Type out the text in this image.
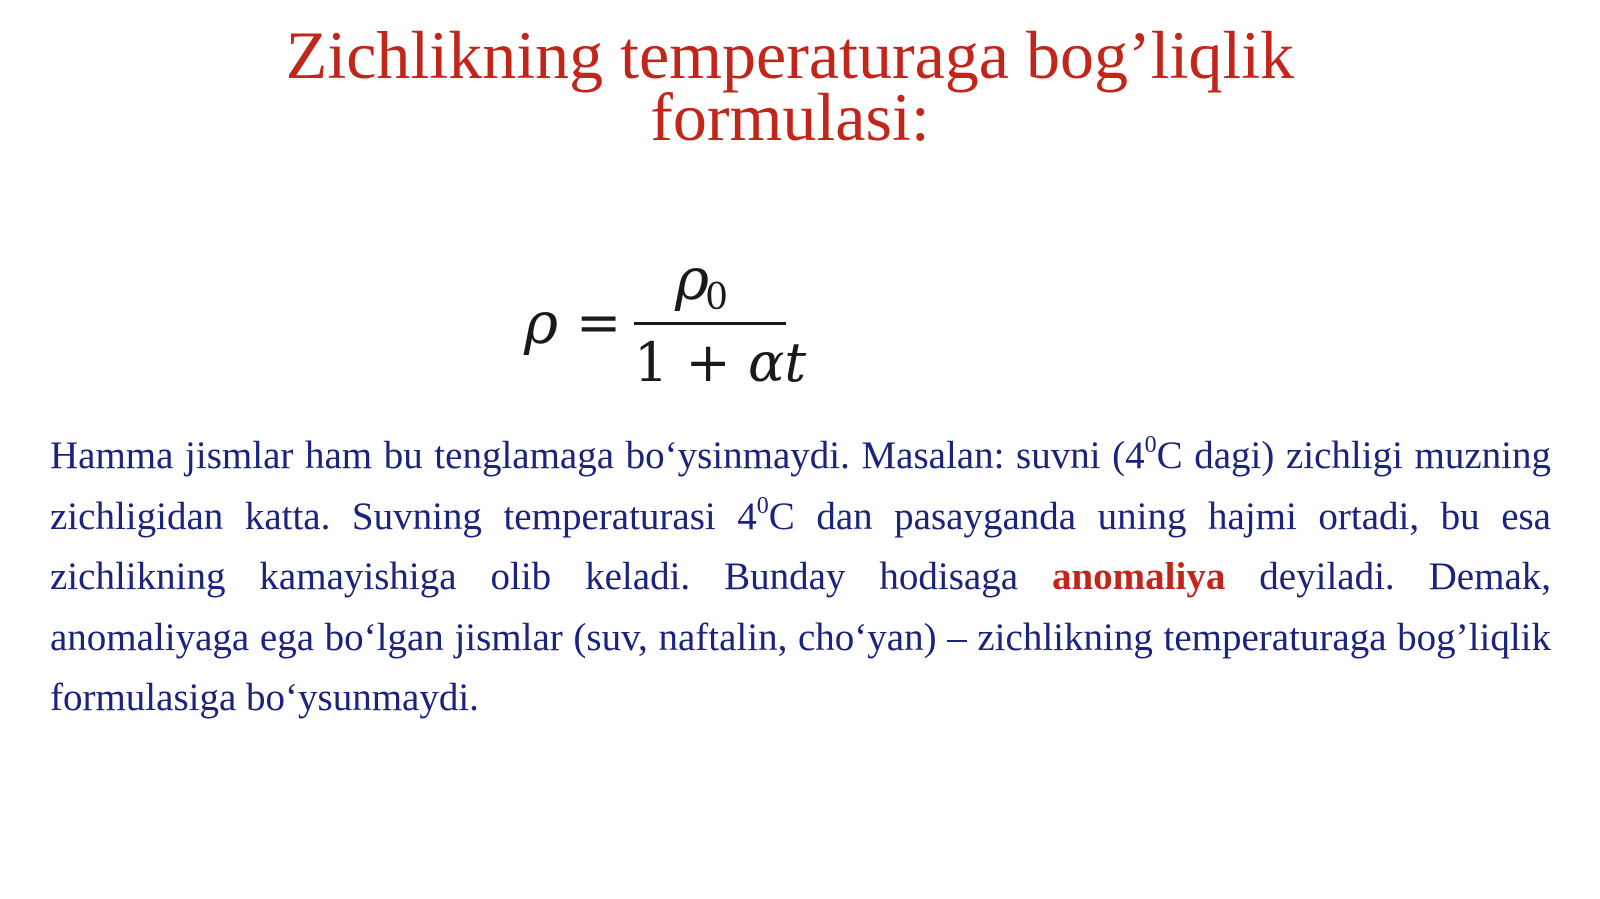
Zichlikning temperaturaga bog’liqlik
formulasi:
ρ =
ρ0
1 + αt

Hamma jismlar ham bu tenglamaga bo‘ysinmaydi. Masalan: suvni ($4^0C$ dagi) zichligi muzning zichligidan katta. Suvning temperaturasi $4^0C$ dan pasayganda uning hajmi ortadi, bu esa zichlikning kamayishiga olib keladi. Bunday hodisaga anomaliya deyiladi. Demak, anomaliyaga ega bo‘lgan jismlar (suv, naftalin, cho‘yan) – zichlikning temperaturaga bog’liqlik formulasiga bo‘ysunmaydi.
